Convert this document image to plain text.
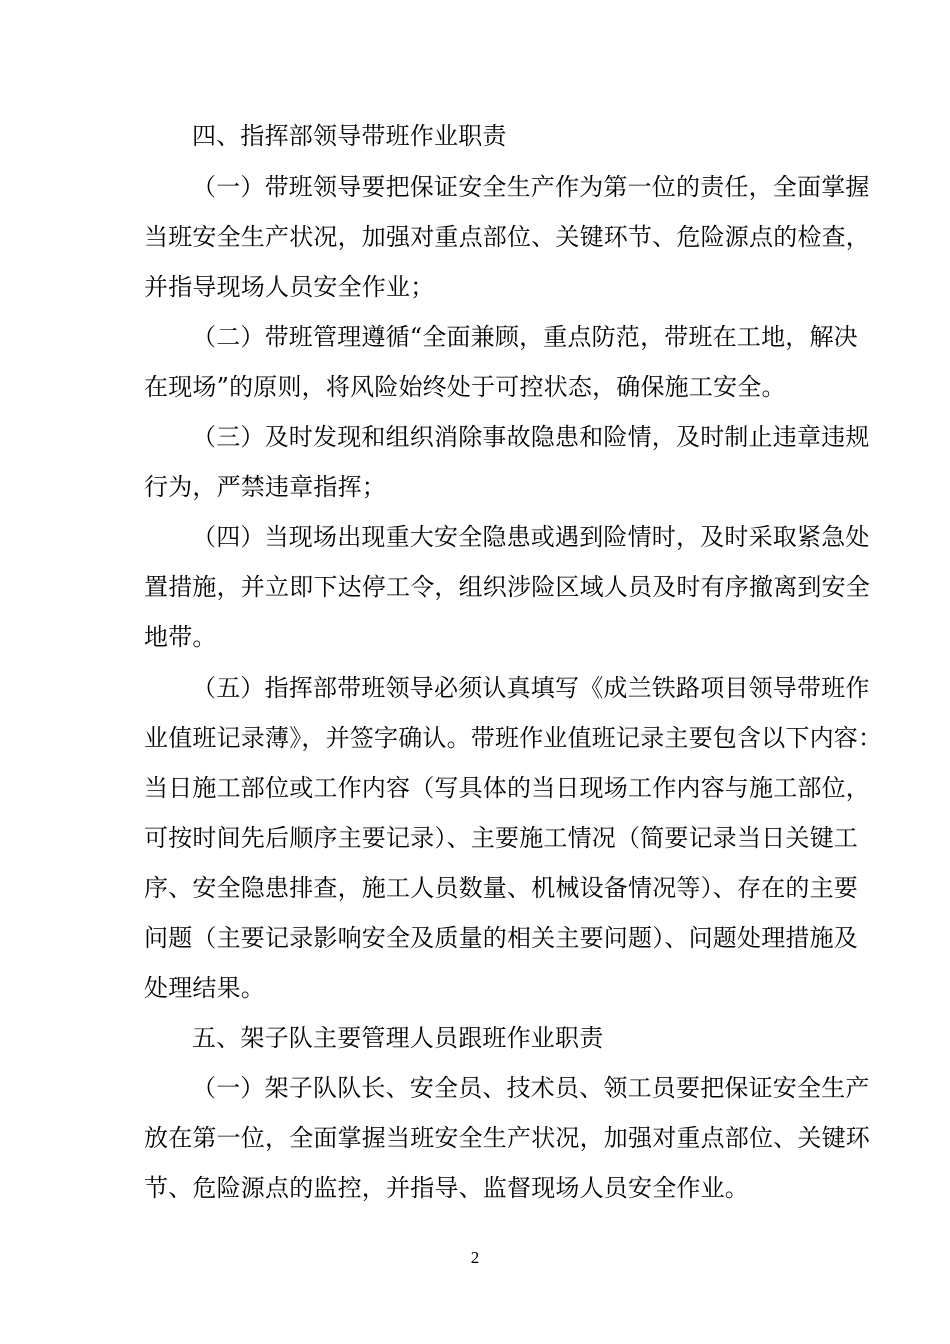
四、指挥部领导带班作业职责
（一）带班领导要把保证安全生产作为第一位的责任，全面掌握
当班安全生产状况，加强对重点部位、关键环节、危险源点的检查，
并指导现场人员安全作业；
（二）带班管理遵循“全面兼顾，重点防范，带班在工地，解决
在现场”的原则，将风险始终处于可控状态，确保施工安全。
（三）及时发现和组织消除事故隐患和险情，及时制止违章违规
行为，严禁违章指挥；
（四）当现场出现重大安全隐患或遇到险情时，及时采取紧急处
置措施，并立即下达停工令，组织涉险区域人员及时有序撤离到安全
地带。
（五）指挥部带班领导必须认真填写《成兰铁路项目领导带班作
业值班记录薄》，并签字确认。带班作业值班记录主要包含以下内容：
当日施工部位或工作内容（写具体的当日现场工作内容与施工部位，
可按时间先后顺序主要记录）、主要施工情况（简要记录当日关键工
序、安全隐患排查，施工人员数量、机械设备情况等）、存在的主要
问题（主要记录影响安全及质量的相关主要问题）、问题处理措施及
处理结果。
五、架子队主要管理人员跟班作业职责
（一）架子队队长、安全员、技术员、领工员要把保证安全生产
放在第一位，全面掌握当班安全生产状况，加强对重点部位、关键环
节、危险源点的监控，并指导、监督现场人员安全作业。
2
